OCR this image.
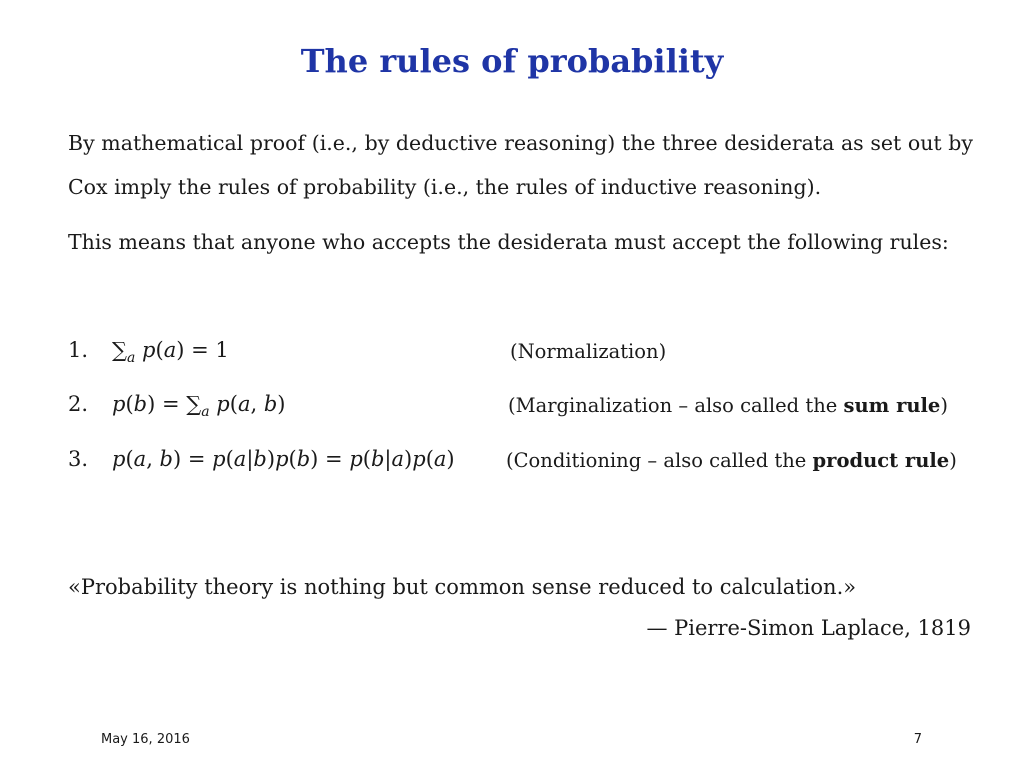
The rules of probability
By mathematical proof (i.e., by deductive reasoning) the three desiderata as set out by Cox imply the rules of probability (i.e., the rules of inductive reasoning).
This means that anyone who accepts the desiderata must accept the following rules:
1. $\sum_a$ p(a) = 1	(Normalization)
2. $p(b) = \sum_a$ p(a, b)	(Marginalization – also called the sum rule)
3. p(a, b) = p(a|b)p(b) = p(b|a)p(a)	(Conditioning – also called the product rule)
«Probability theory is nothing but common sense reduced to calculation.»
— Pierre-Simon Laplace, 1819
May 16, 2016	7
